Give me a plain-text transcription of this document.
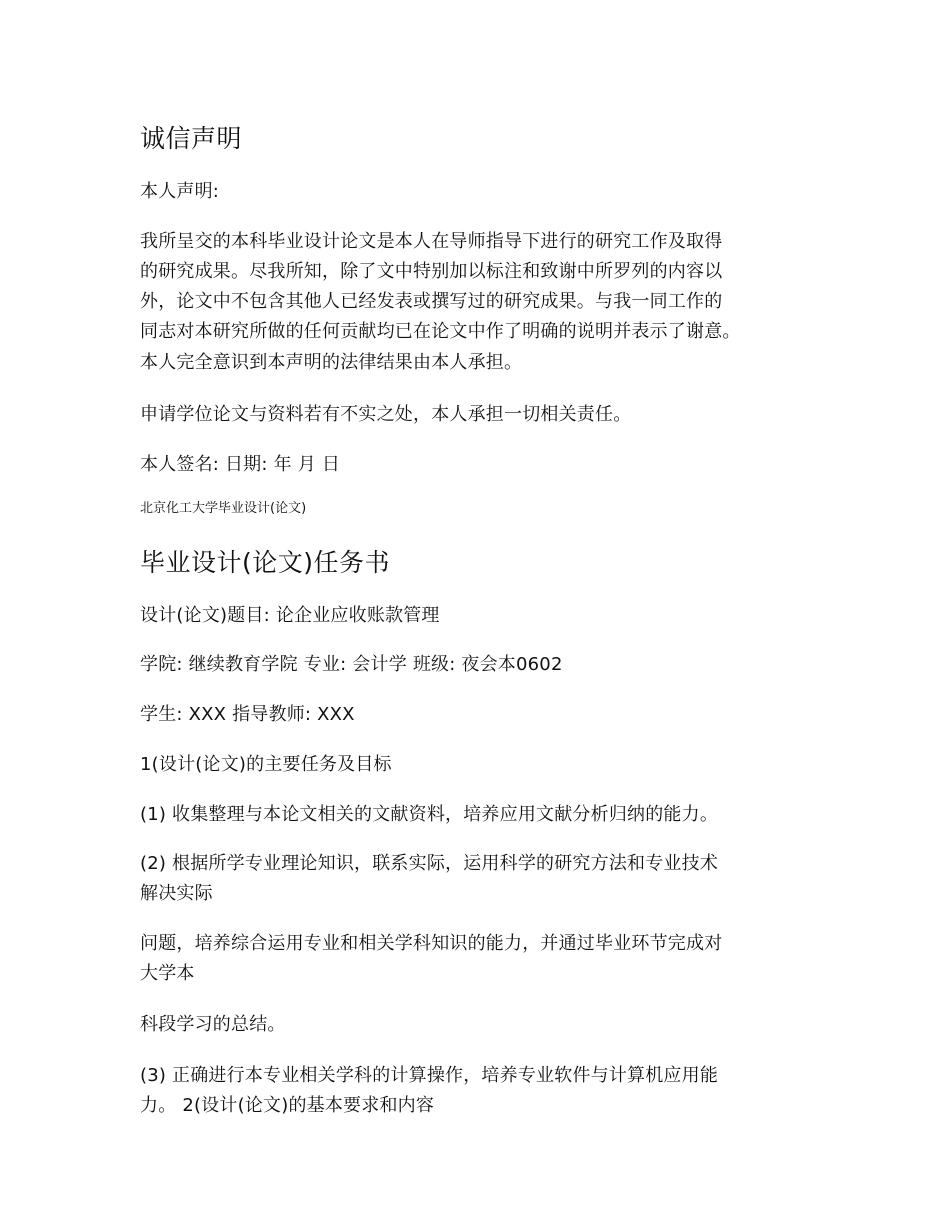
诚信声明

本人声明:

我所呈交的本科毕业设计论文是本人在导师指导下进行的研究工作及取得

的研究成果。尽我所知，除了文中特别加以标注和致谢中所罗列的内容以

外，论文中不包含其他人已经发表或撰写过的研究成果。与我一同工作的

同志对本研究所做的任何贡献均已在论文中作了明确的说明并表示了谢意。

本人完全意识到本声明的法律结果由本人承担。

申请学位论文与资料若有不实之处，本人承担一切相关责任。

本人签名: 日期: 年 月 日

北京化工大学毕业设计(论文)

毕业设计(论文)任务书

设计(论文)题目: 论企业应收账款管理

学院: 继续教育学院 专业: 会计学 班级: 夜会本0602

学生: XXX 指导教师: XXX

1(设计(论文)的主要任务及目标

(1) 收集整理与本论文相关的文献资料，培养应用文献分析归纳的能力。

(2) 根据所学专业理论知识，联系实际，运用科学的研究方法和专业技术

解决实际

问题，培养综合运用专业和相关学科知识的能力，并通过毕业环节完成对

大学本

科段学习的总结。

(3) 正确进行本专业相关学科的计算操作，培养专业软件与计算机应用能

力。 2(设计(论文)的基本要求和内容
